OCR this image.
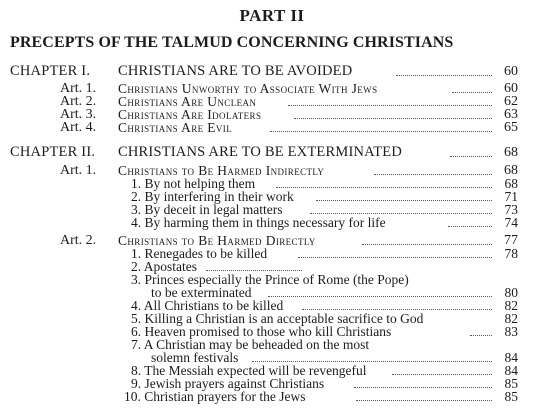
PART II
PRECEPTS OF THE TALMUD CONCERNING CHRISTIANS
CHAPTER I. CHRISTIANS ARE TO BE AVOIDED	60
Art. 1. Christians Unworthy to Associate With Jews	60
Art. 2. Christians Are Unclean	62
Art. 3. Christians Are Idolaters	63
Art. 4. Christians Are Evil	65
CHAPTER II. CHRISTIANS ARE TO BE EXTERMINATED	68
Art. 1. Christians to Be Harmed Indirectly	68
1. By not helping them	68
2. By interfering in their work	71
3. By deceit in legal matters	73
4. By harming them in things necessary for life	74
Art. 2. Christians to Be Harmed Directly	77
1. Renegades to be killed	78
2. Apostates
3. Princes especially the Prince of Rome (the Pope)
to be exterminated	80
4. All Christians to be killed	82
5. Killing a Christian is an acceptable sacrifice to God	82
6. Heaven promised to those who kill Christians	83
7. A Christian may be beheaded on the most
solemn festivals	84
8. The Messiah expected will be revengeful	84
9. Jewish prayers against Christians	85
10. Christian prayers for the Jews	85
